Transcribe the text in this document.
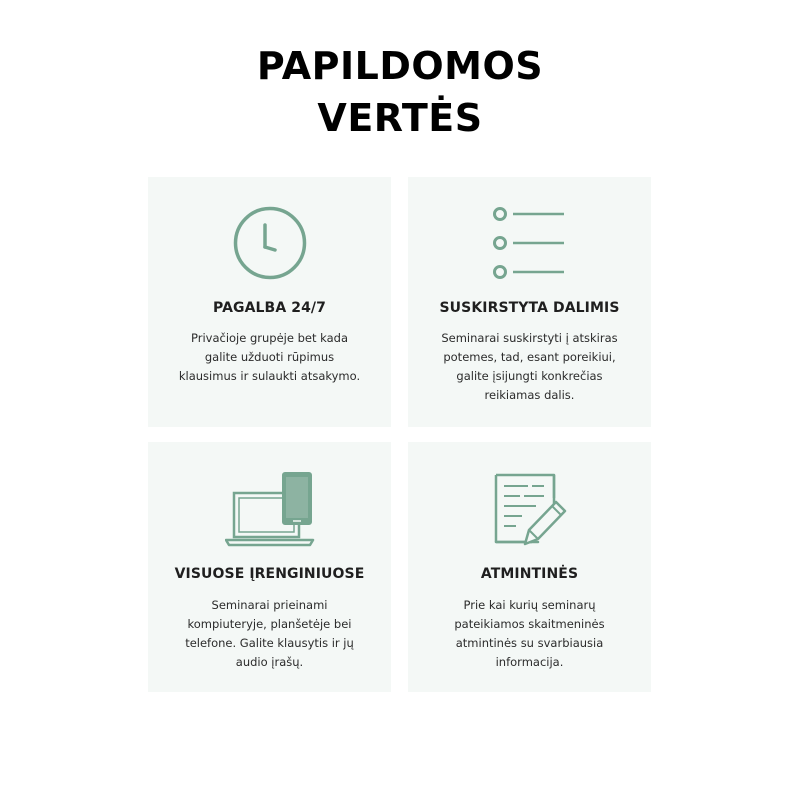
PAPILDOMOS
VERTĖS
PAGALBA 24/7
Privačioje grupėje bet kada galite užduoti rūpimus klausimus ir sulaukti atsakymo.
SUSKIRSTYTA DALIMIS
Seminarai suskirstyti į atskiras potemes, tad, esant poreikiui, galite įsijungti konkrečias reikiamas dalis.
VISUOSE ĮRENGINIUOSE
Seminarai prieinami kompiuteryje, planšetėje bei telefone. Galite klausytis ir jų audio įrašų.
ATMINTINĖS
Prie kai kurių seminarų pateikiamos skaitmeninės atmintinės su svarbiausia informacija.
